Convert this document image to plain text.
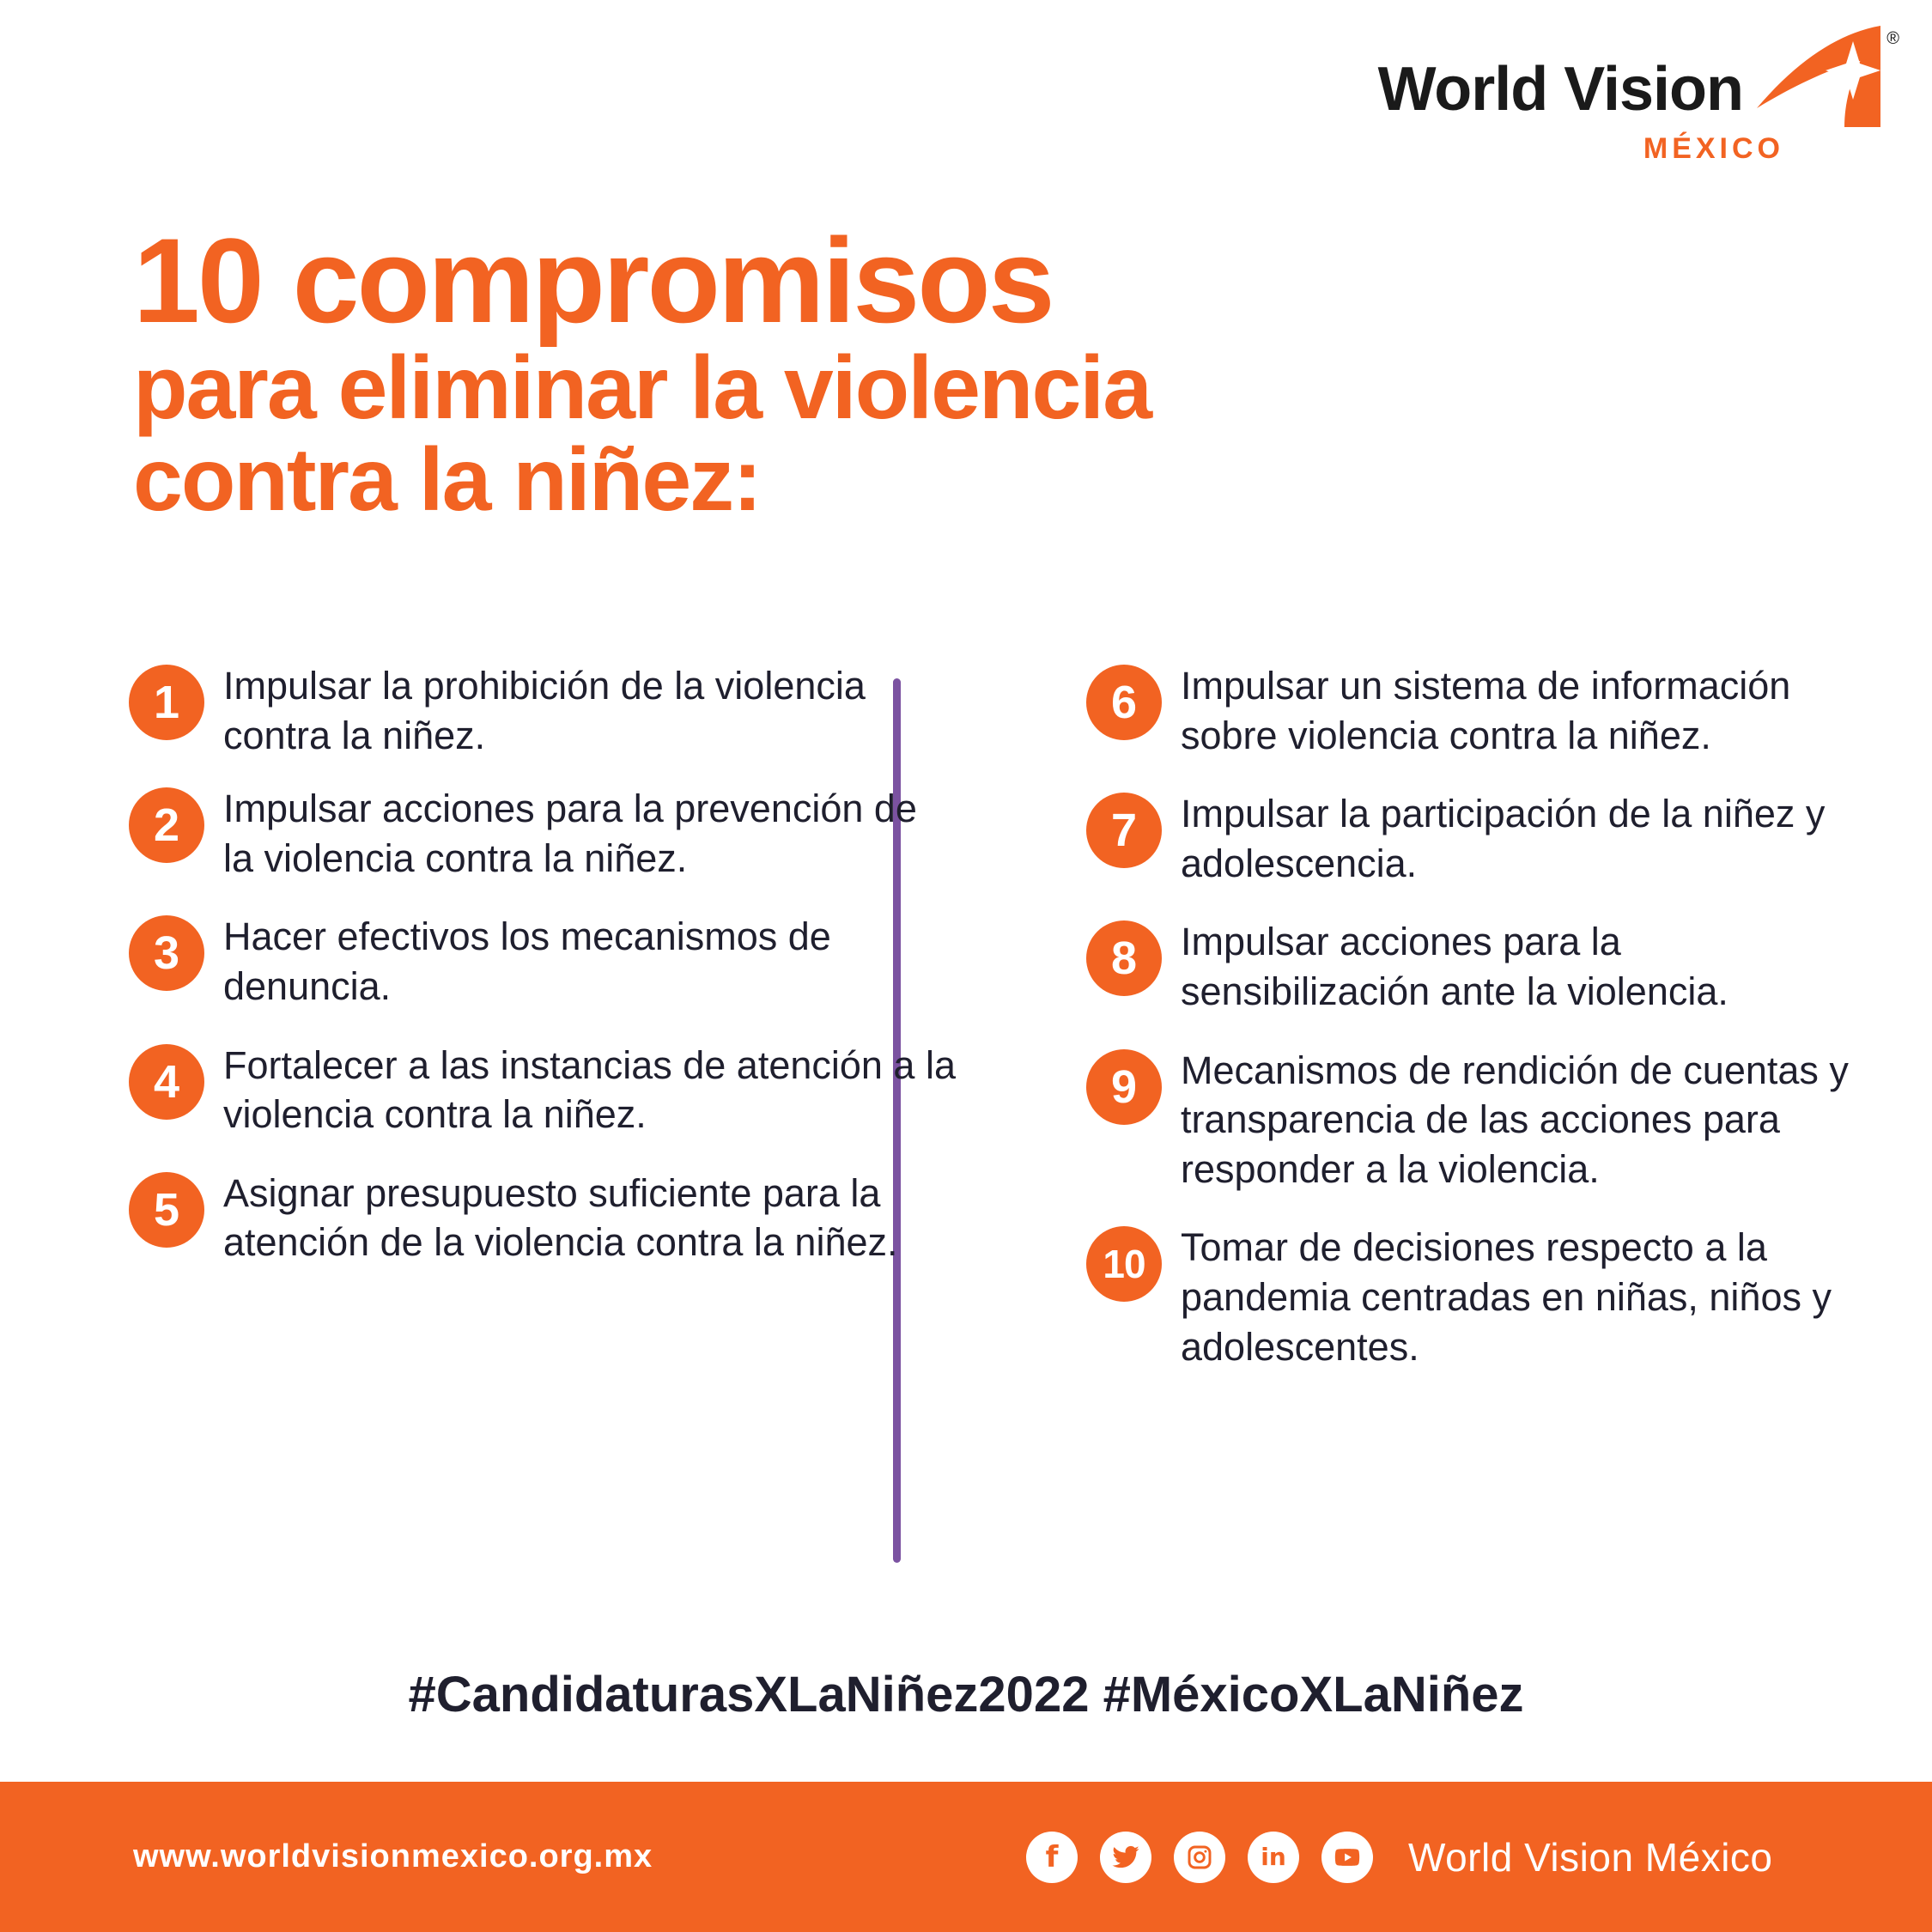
World Vision
®
MÉXICO
10 compromisos
para eliminar la violencia
contra la niñez:
1	Impulsar la prohibición de la violencia contra la niñez.
2	Impulsar acciones para la prevención de la violencia contra la niñez.
3	Hacer efectivos los mecanismos de denuncia.
4	Fortalecer a las instancias de atención a la violencia contra la niñez.
5	Asignar presupuesto suficiente para la atención de la violencia contra la niñez.
6	Impulsar un sistema de información sobre violencia contra la niñez.
7	Impulsar la participación de la niñez y adolescencia.
8	Impulsar acciones para la sensibilización ante la violencia.
9	Mecanismos de rendición de cuentas y transparencia de las acciones para responder a la violencia.
10 Tomar de decisiones respecto a la pandemia centradas en niñas, niños y adolescentes.
#CandidaturasXLaNiñez2022 #MéxicoXLaNiñez
www.worldvisionmexico.org.mx	f	in	World Vision México
